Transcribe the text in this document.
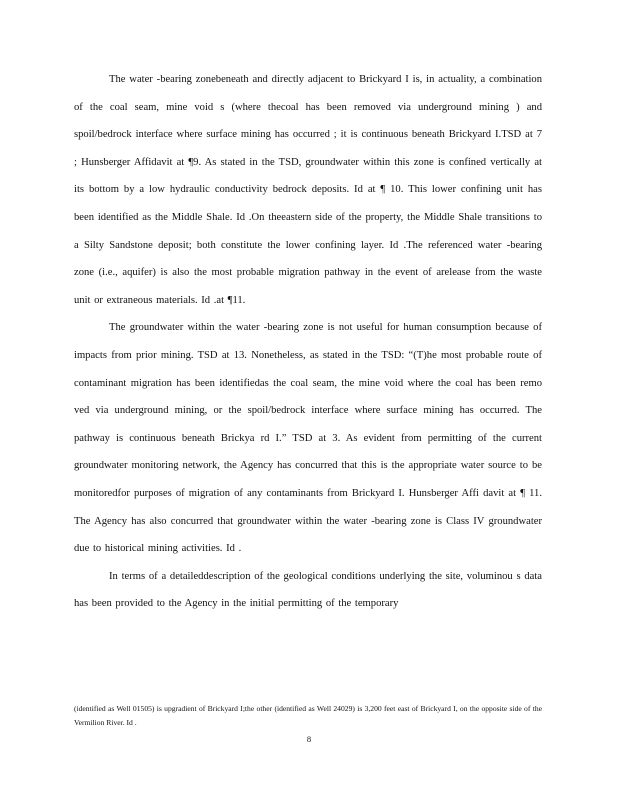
The water -bearing zonebeneath and directly adjacent to Brickyard I is, in actuality, a combination of the coal seam, mine void s (where thecoal has been removed via underground mining ) and spoil/bedrock interface where surface mining has occurred ; it is continuous beneath Brickyard I.TSD at 7 ; Hunsberger Affidavit at ¶9. As stated in the TSD, groundwater within this zone is confined vertically at its bottom by a low hydraulic conductivity bedrock deposits. Id at ¶ 10. This lower confining unit has been identified as the Middle Shale. Id .On theeastern side of the property, the Middle Shale transitions to a Silty Sandstone deposit; both constitute the lower confining layer. Id .The referenced water -bearing zone (i.e., aquifer) is also the most probable migration pathway in the event of arelease from the waste unit or extraneous materials. Id .at ¶11.

The groundwater within the water -bearing zone is not useful for human consumption because of impacts from prior mining. TSD at 13. Nonetheless, as stated in the TSD: “(T)he most probable route of contaminant migration has been identifiedas the coal seam, the mine void where the coal has been remo ved via underground mining, or the spoil/bedrock interface where surface mining has occurred. The pathway is continuous beneath Brickya rd I.” TSD at 3. As evident from permitting of the current groundwater monitoring network, the Agency has concurred that this is the appropriate water source to be monitoredfor purposes of migration of any contaminants from Brickyard I. Hunsberger Affi davit at ¶ 11. The Agency has also concurred that groundwater within the water -bearing zone is Class IV groundwater due to historical mining activities. Id .

In terms of a detaileddescription of the geological conditions underlying the site, voluminou s data has been provided to the Agency in the initial permitting of the temporary

(identified as Well 01505) is upgradient of Brickyard I;the other (identified as Well 24029) is 3,200 feet east of Brickyard I, on the opposite side of the Vermilion River. Id .
8
